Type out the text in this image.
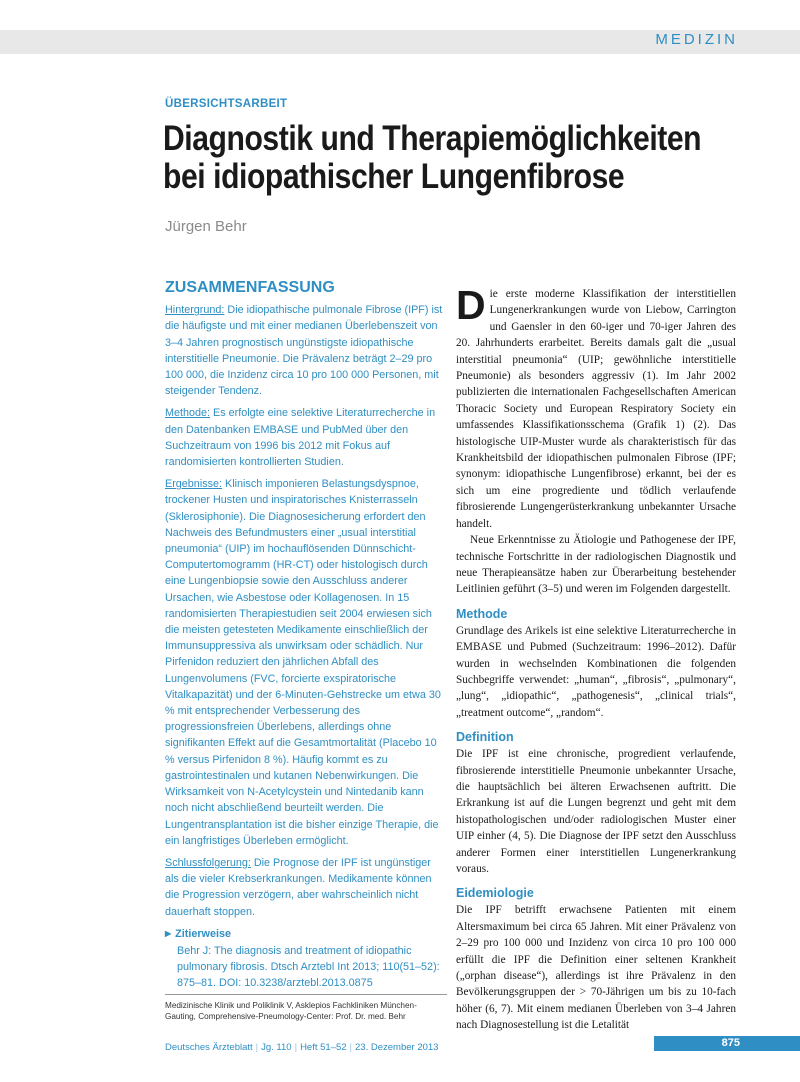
MEDIZIN
ÜBERSICHTSARBEIT
Diagnostik und Therapiemöglichkeiten
bei idiopathischer Lungenfibrose
Jürgen Behr
ZUSAMMENFASSUNG

Hintergrund: Die idiopathische pulmonale Fibrose (IPF) ist die häufigste und mit einer medianen Überlebenszeit von 3–4 Jahren prognostisch ungünstigste idiopathische interstitielle Pneumonie. Die Prävalenz beträgt 2–29 pro 100 000, die Inzidenz circa 10 pro 100 000 Personen, mit steigender Tendenz.

Methode: Es erfolgte eine selektive Literaturrecherche in den Datenbanken EMBASE und PubMed über den Suchzeitraum von 1996 bis 2012 mit Fokus auf randomisierten kontrollierten Studien.

Ergebnisse: Klinisch imponieren Belastungsdyspnoe, trockener Husten und inspiratorisches Knisterrasseln (Sklerosiphonie). Die Diagnosesicherung erfordert den Nachweis des Befundmusters einer „usual interstitial pneumonia“ (UIP) im hochauflösenden Dünnschicht-Computertomogramm (HR-CT) oder histologisch durch eine Lungenbiopsie sowie den Ausschluss anderer Ursachen, wie Asbestose oder Kollagenosen. In 15 randomisierten Therapiestudien seit 2004 erwiesen sich die meisten getesteten Medikamente einschließlich der Immunsuppressiva als unwirksam oder schädlich. Nur Pirfenidon reduziert den jährlichen Abfall des Lungenvolumens (FVC, forcierte exspiratorische Vitalkapazität) und der 6-Minuten-Gehstrecke um etwa 30 % mit entsprechender Verbesserung des progressionsfreien Überlebens, allerdings ohne signifikanten Effekt auf die Gesamtmortalität (Placebo 10 % versus Pirfenidon 8 %). Häufig kommt es zu gastrointestinalen und kutanen Nebenwirkungen. Die Wirksamkeit von N-Acetylcystein und Nintedanib kann noch nicht abschließend beurteilt werden. Die Lungentransplantation ist die bisher einzige Therapie, die ein langfristiges Überleben ermöglicht.

Schlussfolgerung: Die Prognose der IPF ist ungünstiger als die vieler Krebserkrankungen. Medikamente können die Progression verzögern, aber wahrscheinlich nicht dauerhaft stoppen.

▶ Zitierweise
Behr J: The diagnosis and treatment of idiopathic pulmonary fibrosis. Dtsch Arztebl Int 2013; 110(51–52): 875–81. DOI: 10.3238/arztebl.2013.0875
Medizinische Klinik und Poliklinik V, Asklepios Fachkliniken München-Gauting, Comprehensive-Pneumology-Center: Prof. Dr. med. Behr

Die erste moderne Klassifikation der interstitiellen Lungenerkrankungen wurde von Liebow, Carrington und Gaensler in den 60-iger und 70-iger Jahren des 20. Jahrhunderts erarbeitet. Bereits damals galt die „usual interstitial pneumonia“ (UIP; gewöhnliche interstitielle Pneumonie) als besonders aggressiv (1). Im Jahr 2002 publizierten die internationalen Fachgesellschaften American Thoracic Society und European Respiratory Society ein umfassendes Klassifikationsschema (Grafik 1) (2). Das histologische UIP-Muster wurde als charakteristisch für das Krankheitsbild der idiopathischen pulmonalen Fibrose (IPF; synonym: idiopathische Lungenfibrose) erkannt, bei der es sich um eine progrediente und tödlich verlaufende fibrosierende Lungengerüsterkrankung unbekannter Ursache handelt.

Neue Erkenntnisse zu Ätiologie und Pathogenese der IPF, technische Fortschritte in der radiologischen Diagnostik und neue Therapieansätze haben zur Überarbeitung bestehender Leitlinien geführt (3–5) und weren im Folgenden dargestellt.

Methode

Grundlage des Arikels ist eine selektive Literaturrecherche in EMBASE und Pubmed (Suchzeitraum: 1996–2012). Dafür wurden in wechselnden Kombinationen die folgenden Suchbegriffe verwendet: „human“, „fibrosis“, „pulmonary“, „lung“, „idiopathic“, „pathogenesis“, „clinical trials“, „treatment outcome“, „random“.

Definition

Die IPF ist eine chronische, progredient verlaufende, fibrosierende interstitielle Pneumonie unbekannter Ursache, die hauptsächlich bei älteren Erwachsenen auftritt. Die Erkrankung ist auf die Lungen begrenzt und geht mit dem histopathologischen und/oder radiologischen Muster einer UIP einher (4, 5). Die Diagnose der IPF setzt den Ausschluss anderer Formen einer interstitiellen Lungenerkrankung voraus.

Eidemiologie

Die IPF betrifft erwachsene Patienten mit einem Altersmaximum bei circa 65 Jahren. Mit einer Prävalenz von 2–29 pro 100 000 und Inzidenz von circa 10 pro 100 000 erfüllt die IPF die Definition einer seltenen Krankheit („orphan disease“), allerdings ist ihre Prävalenz in den Bevölkerungsgruppen der > 70-Jährigen um bis zu 10-fach höher (6, 7). Mit einem medianen Überleben von 3–4 Jahren nach Diagnosestellung ist die Letalität

Deutsches Ärzteblatt | Jg. 110 | Heft 51–52 | 23. Dezember 2013	875
